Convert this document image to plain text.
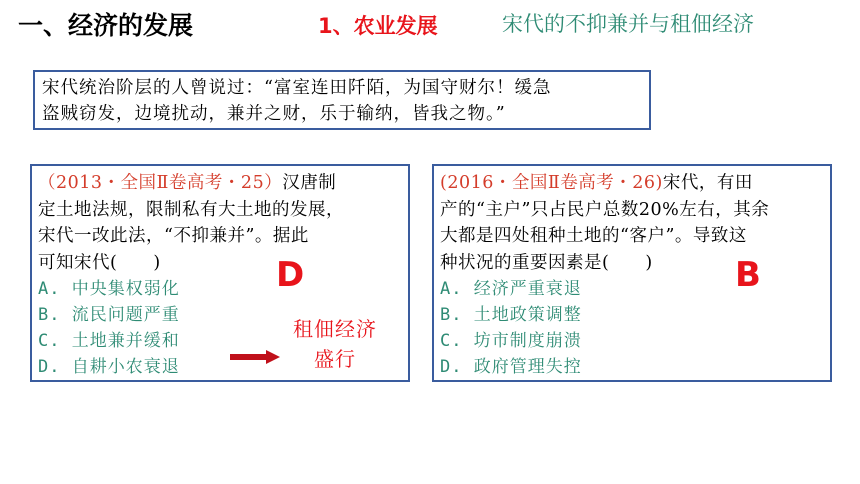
一、经济的发展	1、农业发展	宋代的不抑兼并与租佃经济
宋代统治阶层的人曾说过：“富室连田阡陌，为国守财尔！缓急
盗贼窃发，边境扰动，兼并之财，乐于输纳，皆我之物。”
（2013・全国Ⅱ卷高考・25）汉唐制
定土地法规，限制私有大土地的发展，
宋代一改此法，“不抑兼并”。据此
可知宋代(　　)
A. 中央集权弱化
B. 流民问题严重
C. 土地兼并缓和
D. 自耕小农衰退
D
租佃经济
盛行
(2016・全国Ⅱ卷高考・26)宋代，有田
产的“主户”只占民户总数20%左右，其余
大都是四处租种土地的“客户”。导致这
种状况的重要因素是(　　)
A. 经济严重衰退
B. 土地政策调整
C. 坊市制度崩溃
D. 政府管理失控
B
